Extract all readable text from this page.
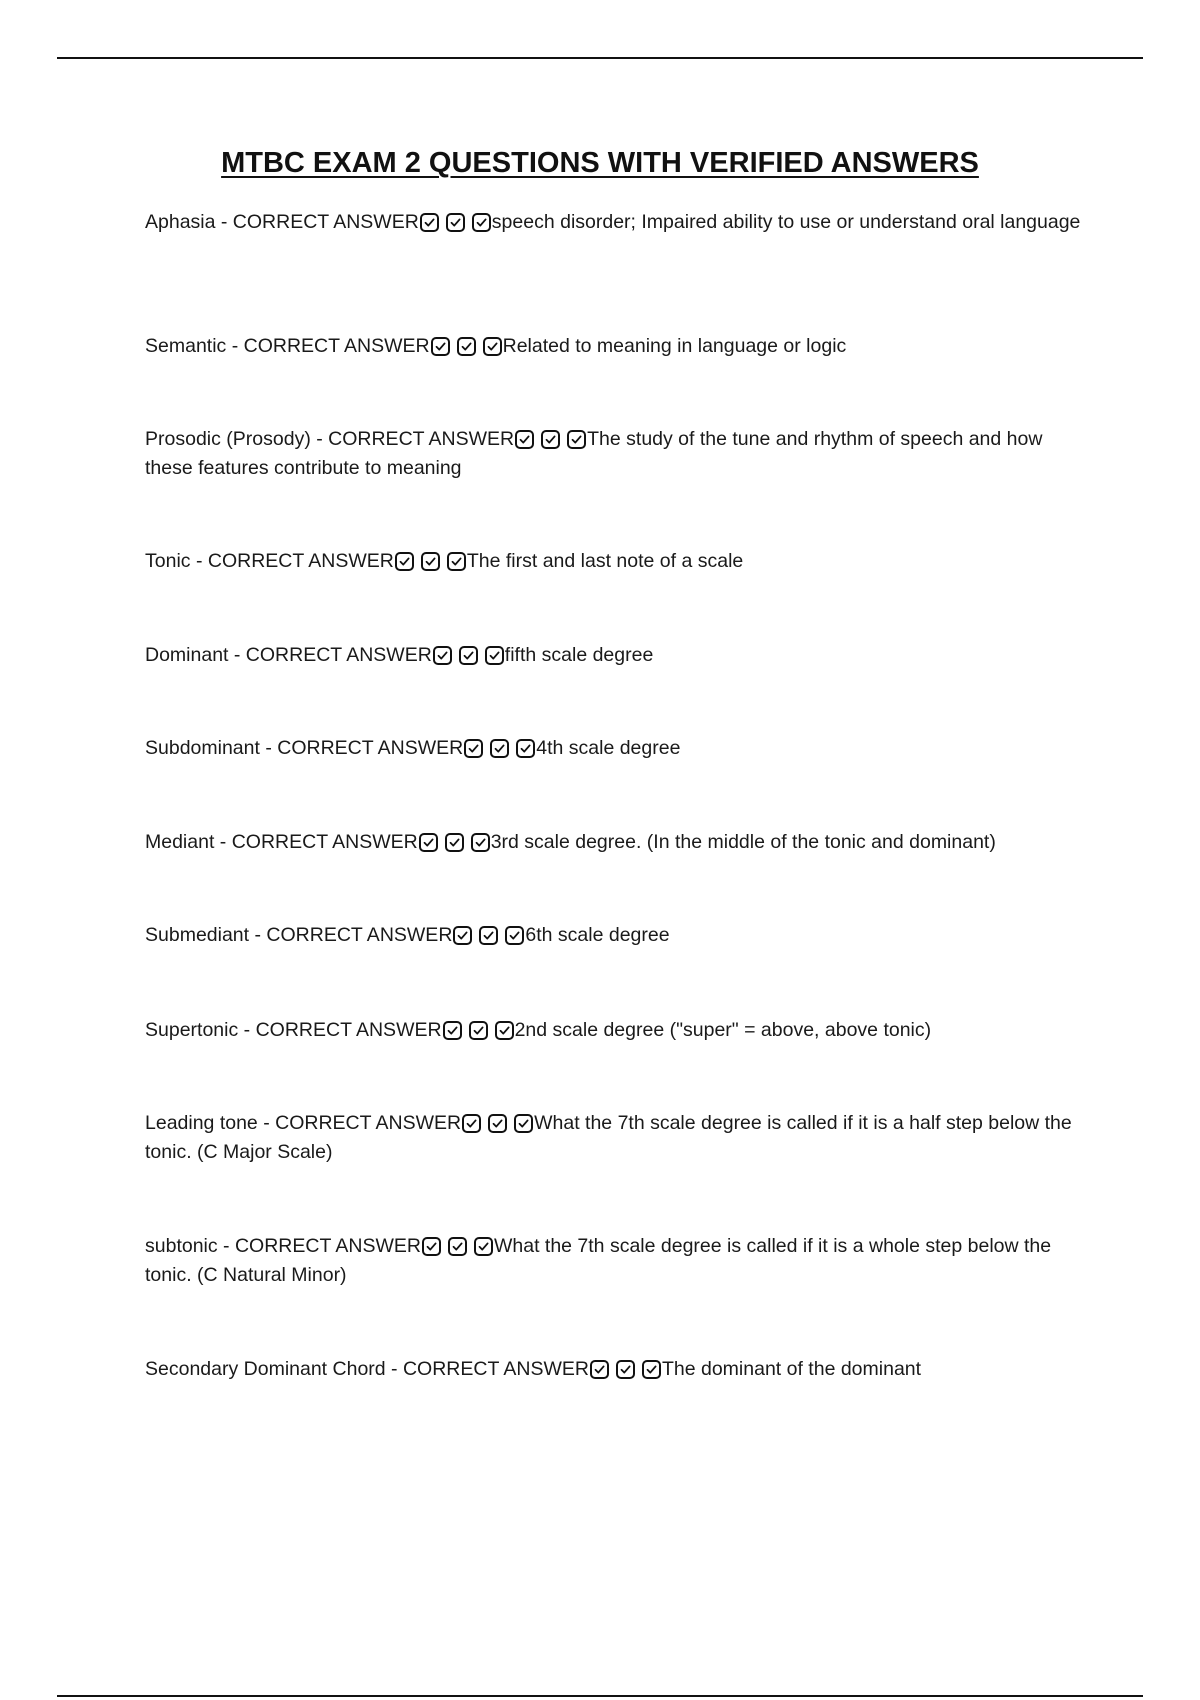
MTBC EXAM 2 QUESTIONS WITH VERIFIED ANSWERS
Aphasia - CORRECT ANSWER	speech disorder; Impaired ability to use or understand oral language
Semantic - CORRECT ANSWER	Related to meaning in language or logic
Prosodic (Prosody) - CORRECT ANSWER	The study of the tune and rhythm of speech and how these features contribute to meaning
Tonic - CORRECT ANSWER	The first and last note of a scale
Dominant - CORRECT ANSWER	fifth scale degree
Subdominant - CORRECT ANSWER	4th scale degree
Mediant - CORRECT ANSWER	3rd scale degree. (In the middle of the tonic and dominant)
Submediant - CORRECT ANSWER	6th scale degree
Supertonic - CORRECT ANSWER	2nd scale degree ("super" = above, above tonic)
Leading tone - CORRECT ANSWER	What the 7th scale degree is called if it is a half step below the tonic. (C Major Scale)
subtonic - CORRECT ANSWER	What the 7th scale degree is called if it is a whole step below the tonic. (C Natural Minor)
Secondary Dominant Chord - CORRECT ANSWER	The dominant of the dominant
